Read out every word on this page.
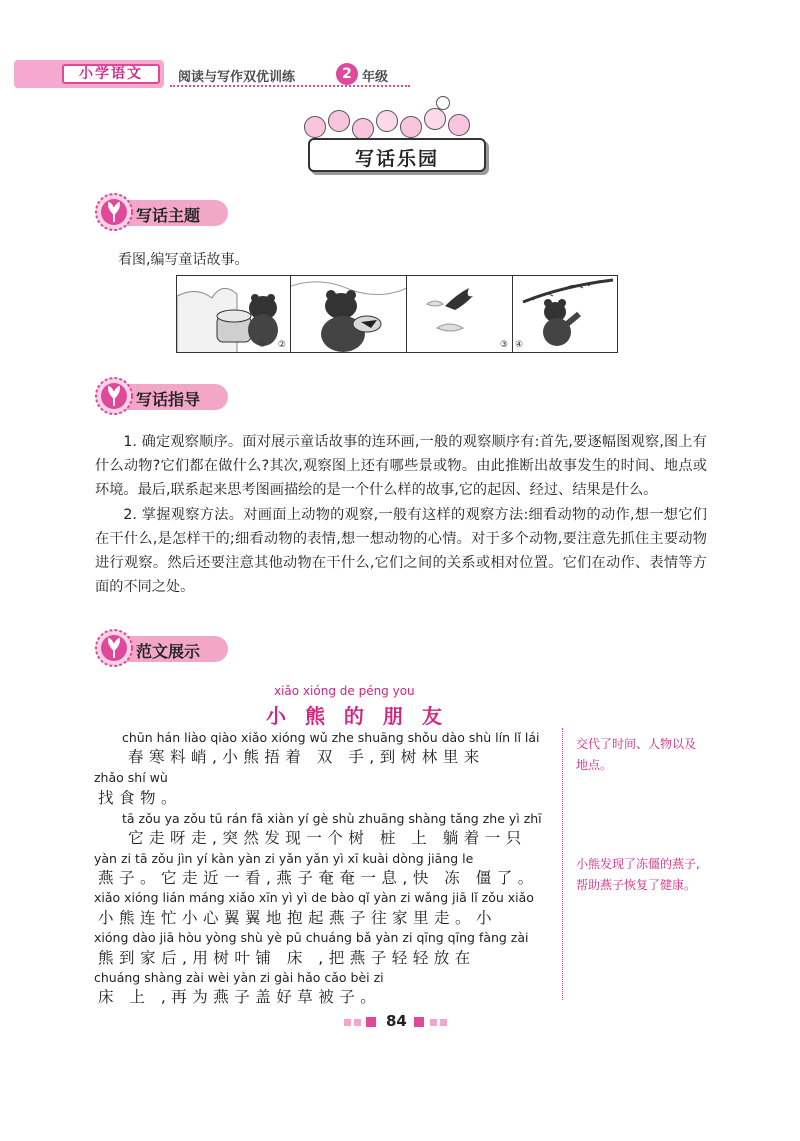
小学语文	阅读与写作双优训练	2 年级
写话乐园
写话主题
看图,编写童话故事。
① ②	③ ④
写话指导

1. 确定观察顺序。面对展示童话故事的连环画,一般的观察顺序有:首先,要逐幅图观察,图上有什么动物?它们都在做什么?其次,观察图上还有哪些景或物。由此推断出故事发生的时间、地点或环境。最后,联系起来思考图画描绘的是一个什么样的故事,它的起因、经过、结果是什么。

2. 掌握观察方法。对画面上动物的观察,一般有这样的观察方法:细看动物的动作,想一想它们在干什么,是怎样干的;细看动物的表情,想一想动物的心情。对于多个动物,要注意先抓住主要动物进行观察。然后还要注意其他动物在干什么,它们之间的关系或相对位置。它们在动作、表情等方面的不同之处。

范文展示
xiǎo xióng de péng you
小 熊 的 朋 友
chūn hán liào qiào xiǎo xióng wǔ zhe shuāng shǒu dào shù lín lǐ lái
春寒料峭,小熊捂着 双 手,到树林里来
zhǎo shí wù
找食物。
tā zǒu ya zǒu tū rán fā xiàn yí gè shù zhuāng shàng tǎng zhe yì zhī
它走呀走,突然发现一个树 桩 上 躺着一只
yàn zi tā zǒu jìn yí kàn yàn zi yǎn yǎn yì xī kuài dòng jiāng le
燕子。它走近一看,燕子奄奄一息,快 冻 僵了。
xiǎo xióng lián máng xiǎo xīn yì yì de bào qǐ yàn zi wǎng jiā lǐ zǒu xiǎo
小熊连忙小心翼翼地抱起燕子往家里走。小
xióng dào jiā hòu yòng shù yè pū chuáng bǎ yàn zi qīng qīng fàng zài
熊到家后,用树叶铺 床 ,把燕子轻轻放在
chuáng shàng zài wèi yàn zi gài hǎo cǎo bèi zi
床 上 ,再为燕子盖好草被子。
交代了时间、人物以及地点。
小熊发现了冻僵的燕子,帮助燕子恢复了健康。
84
